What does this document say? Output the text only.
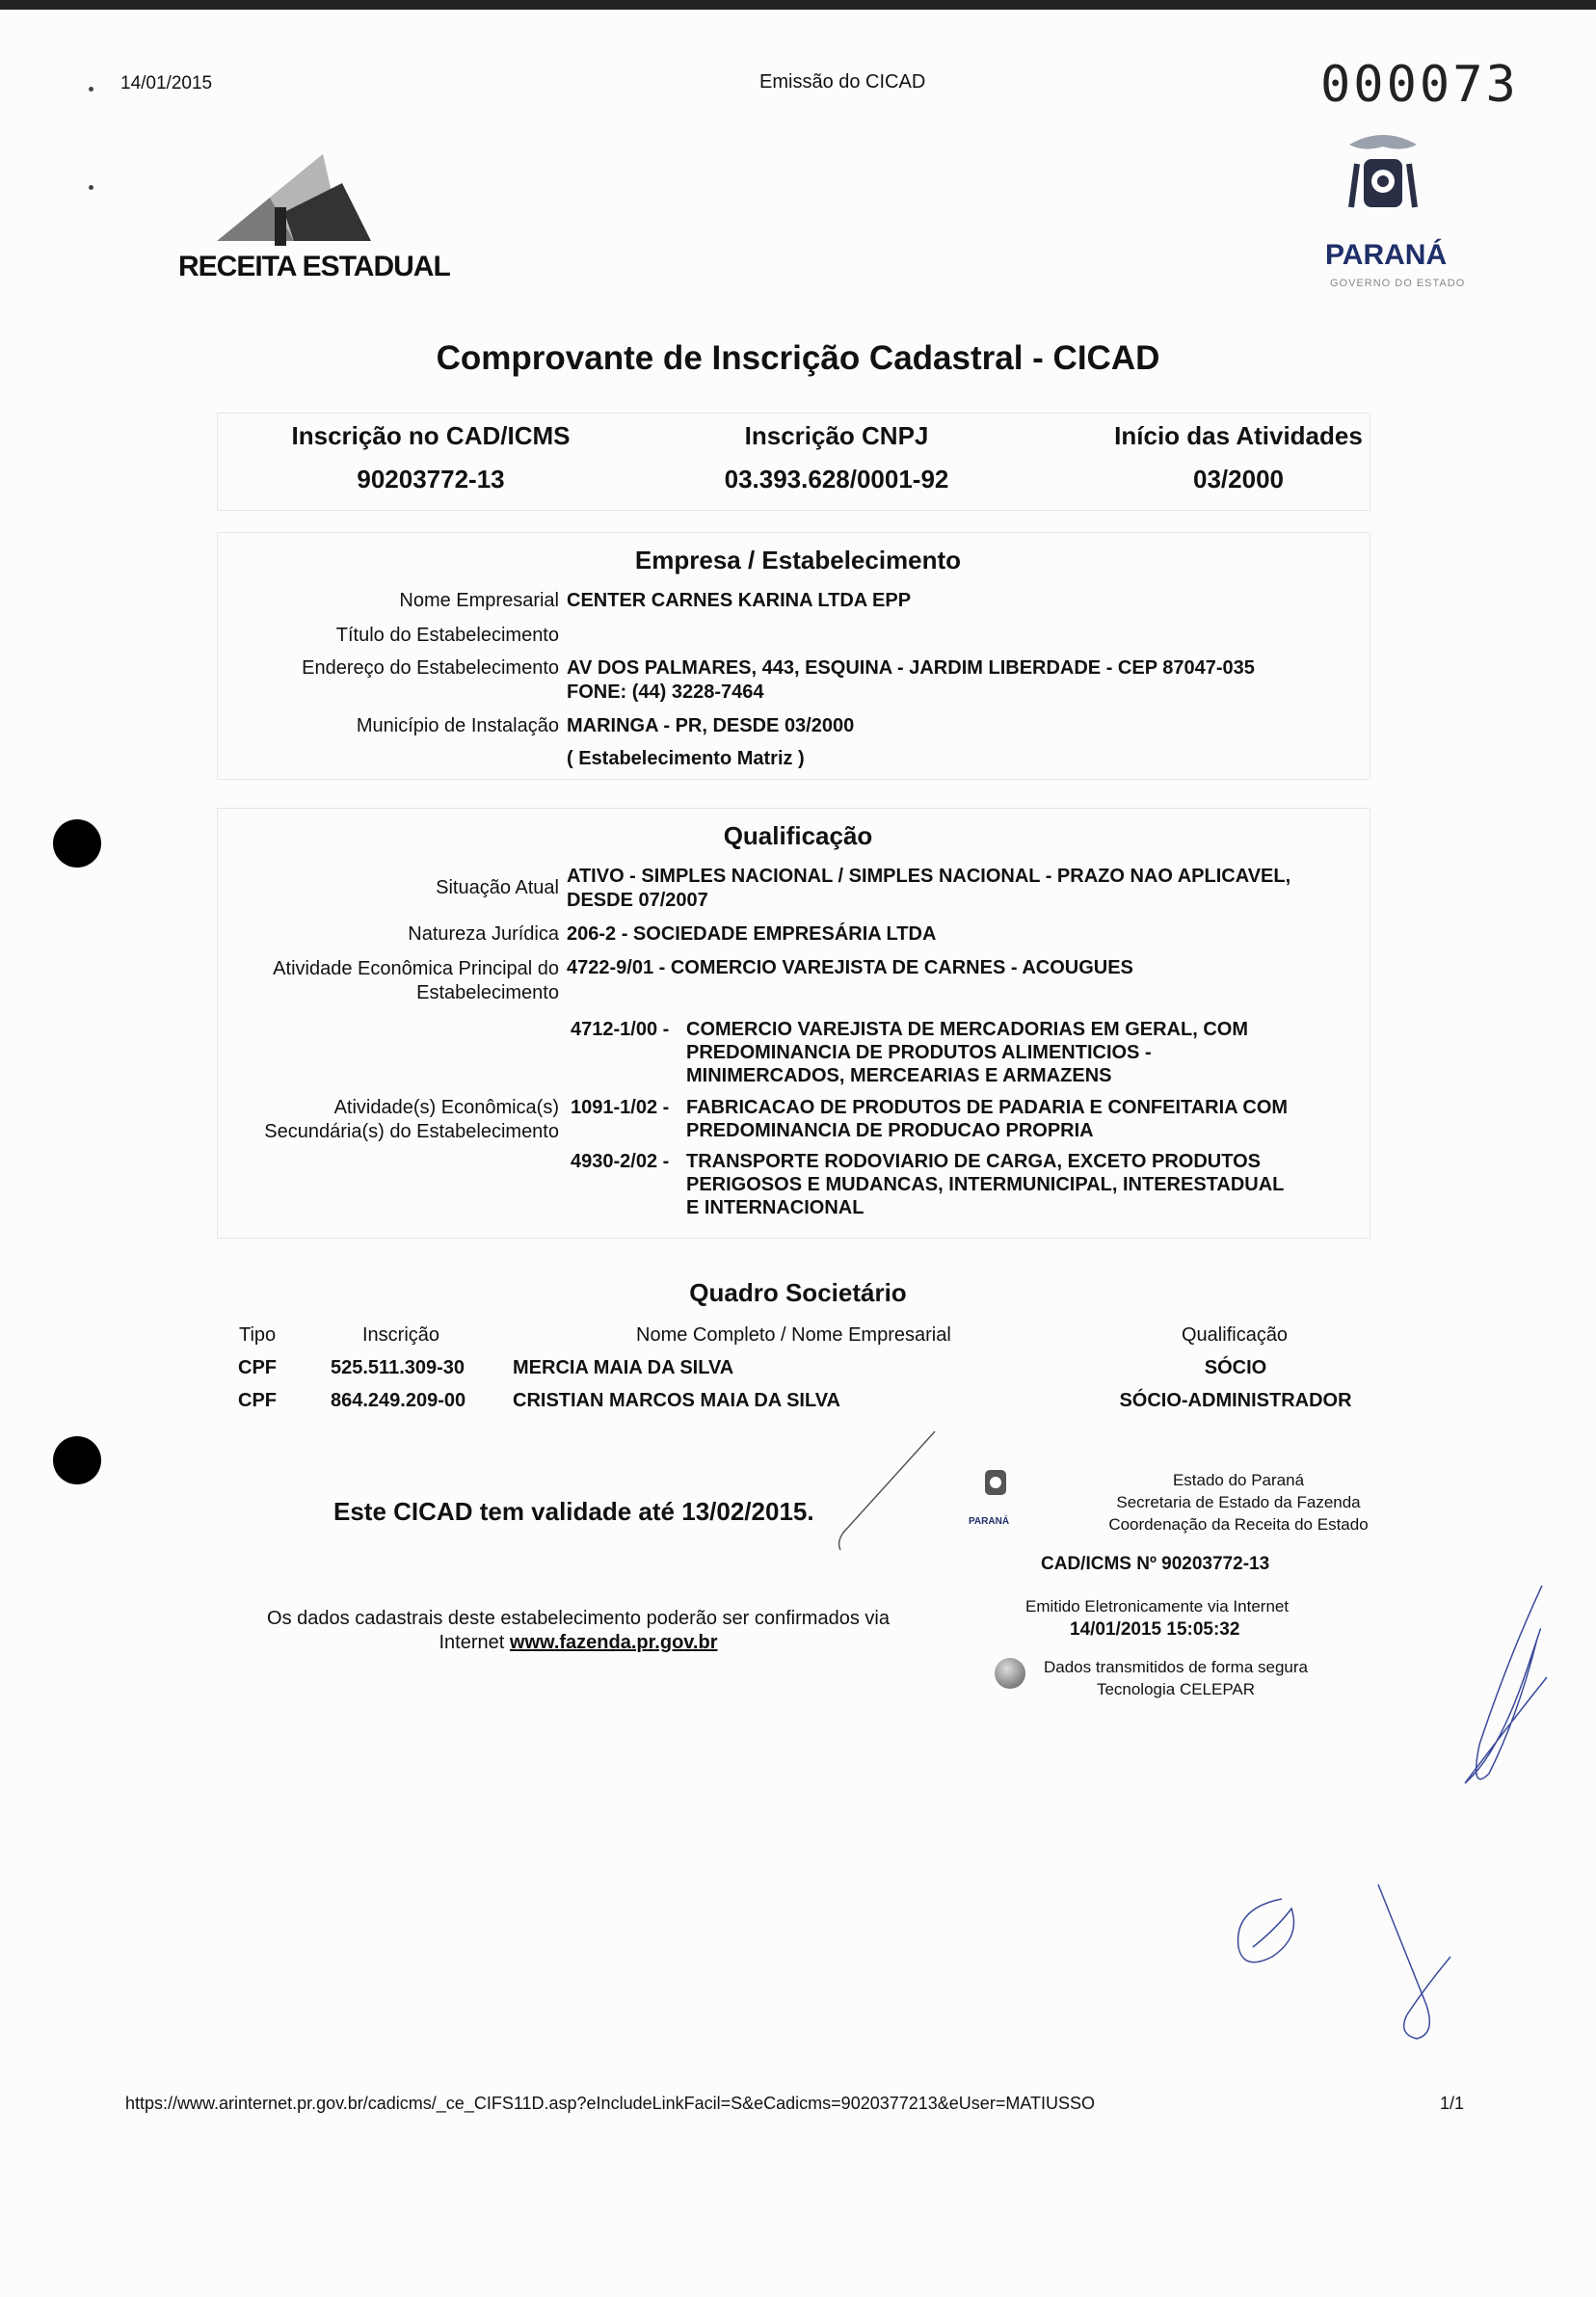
14/01/2015	Emissão do CICAD	000073
RECEITA ESTADUAL	PARANÁ
GOVERNO DO ESTADO
Comprovante de Inscrição Cadastral - CICAD
Inscrição no CAD/ICMS
90203772-13
Inscrição CNPJ
03.393.628/0001-92
Início das Atividades
03/2000
Empresa / Estabelecimento
Nome Empresarial CENTER CARNES KARINA LTDA EPP
Título do Estabelecimento
Endereço do Estabelecimento AV DOS PALMARES, 443, ESQUINA - JARDIM LIBERDADE - CEP 87047-035
FONE: (44) 3228-7464
Município de Instalação MARINGA - PR, DESDE 03/2000
( Estabelecimento Matriz )
Qualificação
Situação Atual
ATIVO - SIMPLES NACIONAL / SIMPLES NACIONAL - PRAZO NAO APLICAVEL,
DESDE 07/2007
Natureza Jurídica 206-2 - SOCIEDADE EMPRESÁRIA LTDA
Atividade Econômica Principal do
Estabelecimento
4722-9/01 - COMERCIO VAREJISTA DE CARNES - ACOUGUES
Atividade(s) Econômica(s)
Secundária(s) do Estabelecimento
4712-1/00 - COMERCIO VAREJISTA DE MERCADORIAS EM GERAL, COM
PREDOMINANCIA DE PRODUTOS ALIMENTICIOS -
MINIMERCADOS, MERCEARIAS E ARMAZENS
1091-1/02 - FABRICACAO DE PRODUTOS DE PADARIA E CONFEITARIA COM
PREDOMINANCIA DE PRODUCAO PROPRIA
4930-2/02 - TRANSPORTE RODOVIARIO DE CARGA, EXCETO PRODUTOS
PERIGOSOS E MUDANCAS, INTERMUNICIPAL, INTERESTADUAL
E INTERNACIONAL
Quadro Societário
Tipo	Inscrição	Nome Completo / Nome Empresarial	Qualificação
CPF	525.511.309-30 MERCIA MAIA DA SILVA	SÓCIO
CPF	864.249.209-00 CRISTIAN MARCOS MAIA DA SILVA	SÓCIO-ADMINISTRADOR
Este CICAD tem validade até 13/02/2015.	PARANÁ
Estado do Paraná
Secretaria de Estado da Fazenda
Coordenação da Receita do Estado
CAD/ICMS Nº 90203772-13
Emitido Eletronicamente via Internet
14/01/2015 15:05:32
Dados transmitidos de forma segura
Tecnologia CELEPAR
Os dados cadastrais deste estabelecimento poderão ser confirmados via
Internet www.fazenda.pr.gov.br
https://www.arinternet.pr.gov.br/cadicms/_ce_CIFS11D.asp?eIncludeLinkFacil=S&eCadicms=9020377213&eUser=MATIUSSO	1/1
